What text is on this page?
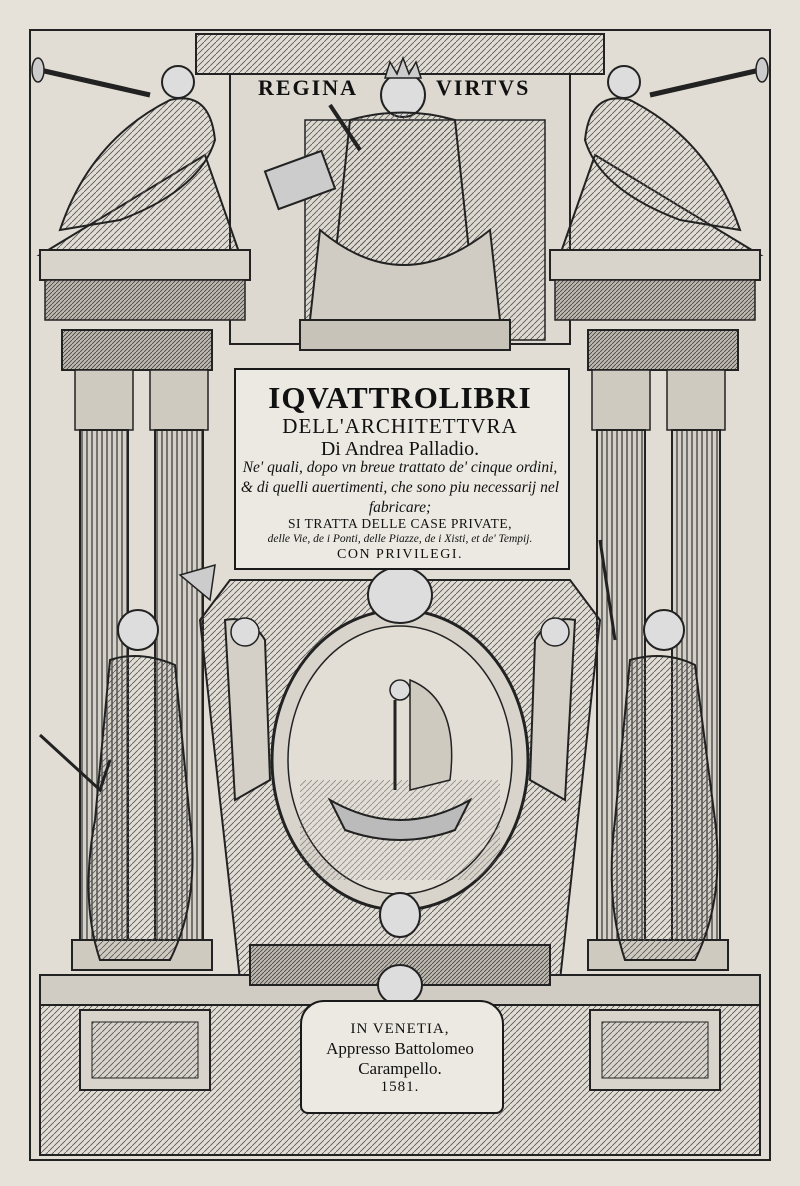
REGINA	VIRTVS
IQVATTROLIBRI
DELL'ARCHITETTVRA
Di Andrea Palladio.
Ne' quali, dopo vn breue trattato de' cinque ordini, & di quelli auertimenti, che sono piu necessarij nel fabricare;
SI TRATTA DELLE CASE PRIVATE,
delle Vie, de i Ponti, delle Piazze, de i Xisti, et de' Tempij.
CON PRIVILEGI.
IN VENETIA,
Appresso Battolomeo
Carampello.
1581.
